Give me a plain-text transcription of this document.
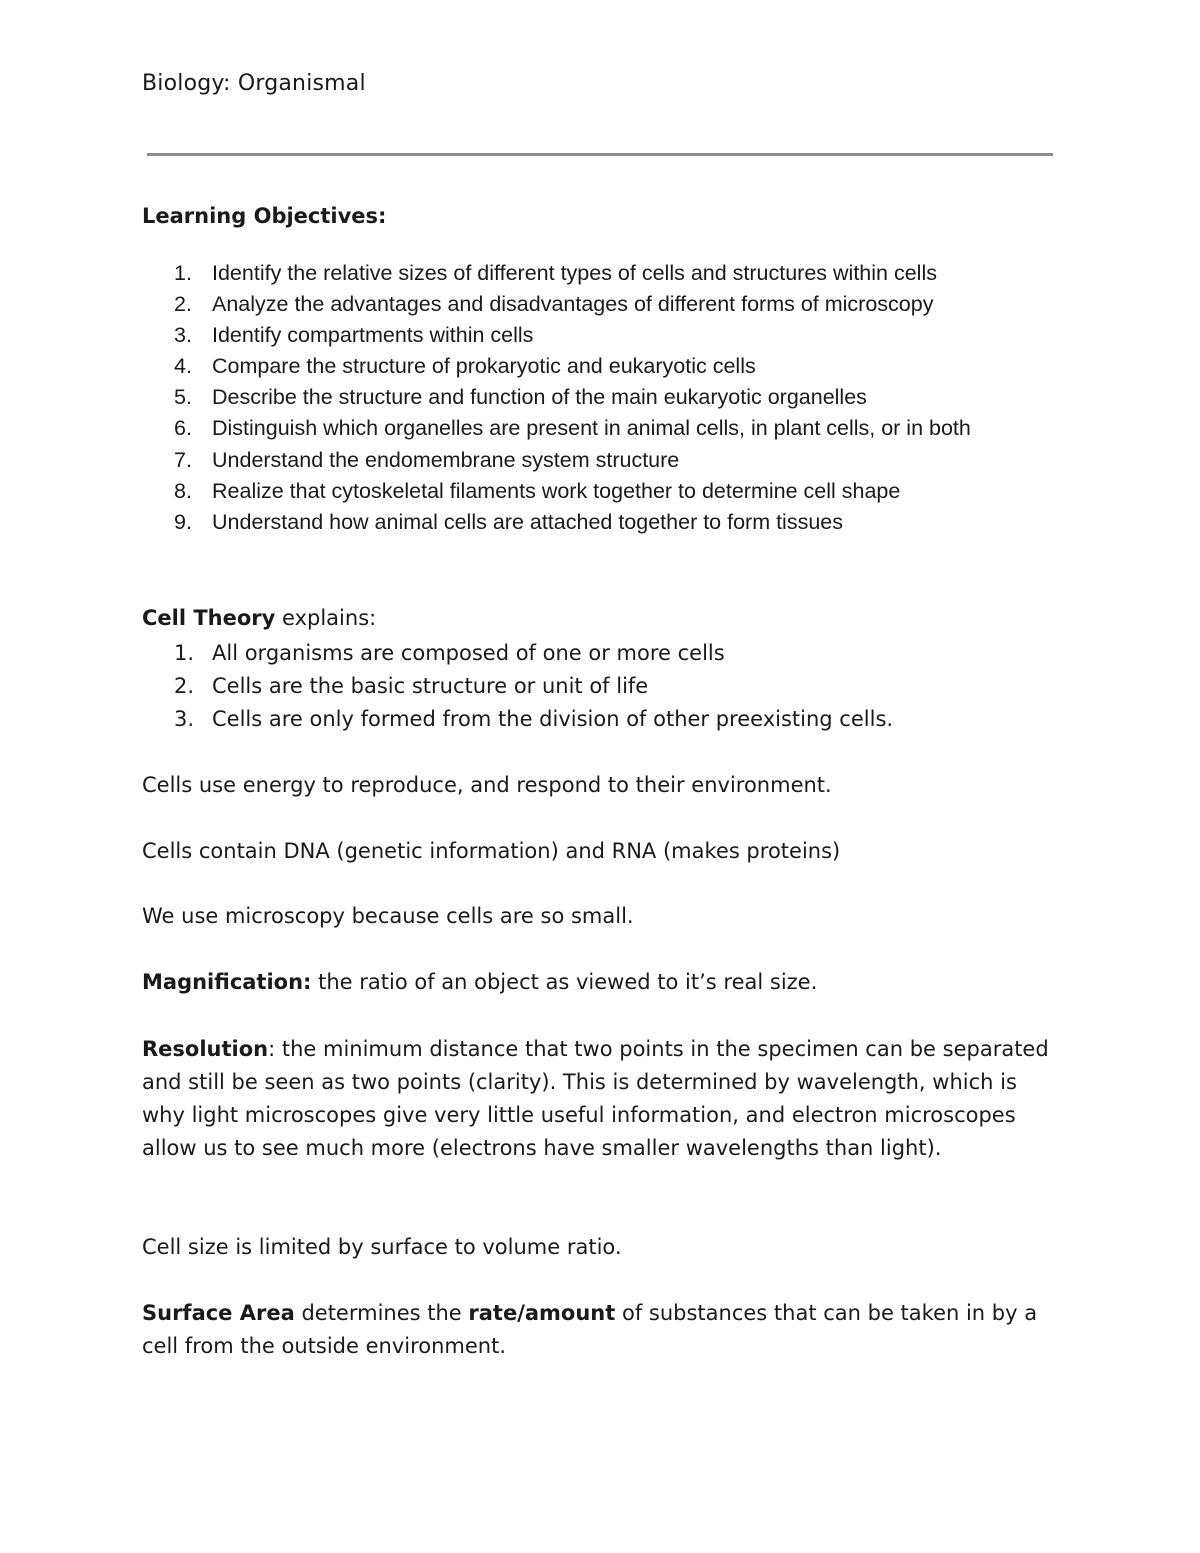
Biology: Organismal
Learning Objectives:
1. Identify the relative sizes of different types of cells and structures within cells
2. Analyze the advantages and disadvantages of different forms of microscopy
3. Identify compartments within cells
4. Compare the structure of prokaryotic and eukaryotic cells
5. Describe the structure and function of the main eukaryotic organelles
6. Distinguish which organelles are present in animal cells, in plant cells, or in both
7. Understand the endomembrane system structure
8. Realize that cytoskeletal filaments work together to determine cell shape
9. Understand how animal cells are attached together to form tissues
Cell Theory explains:
1. All organisms are composed of one or more cells
2. Cells are the basic structure or unit of life
3. Cells are only formed from the division of other preexisting cells.
Cells use energy to reproduce, and respond to their environment.
Cells contain DNA (genetic information) and RNA (makes proteins)
We use microscopy because cells are so small.
Magnification: the ratio of an object as viewed to it’s real size.
Resolution: the minimum distance that two points in the specimen can be separated and still be seen as two points (clarity). This is determined by wavelength, which is why light microscopes give very little useful information, and electron microscopes allow us to see much more (electrons have smaller wavelengths than light).
Cell size is limited by surface to volume ratio.
Surface Area determines the rate/amount of substances that can be taken in by a cell from the outside environment.
